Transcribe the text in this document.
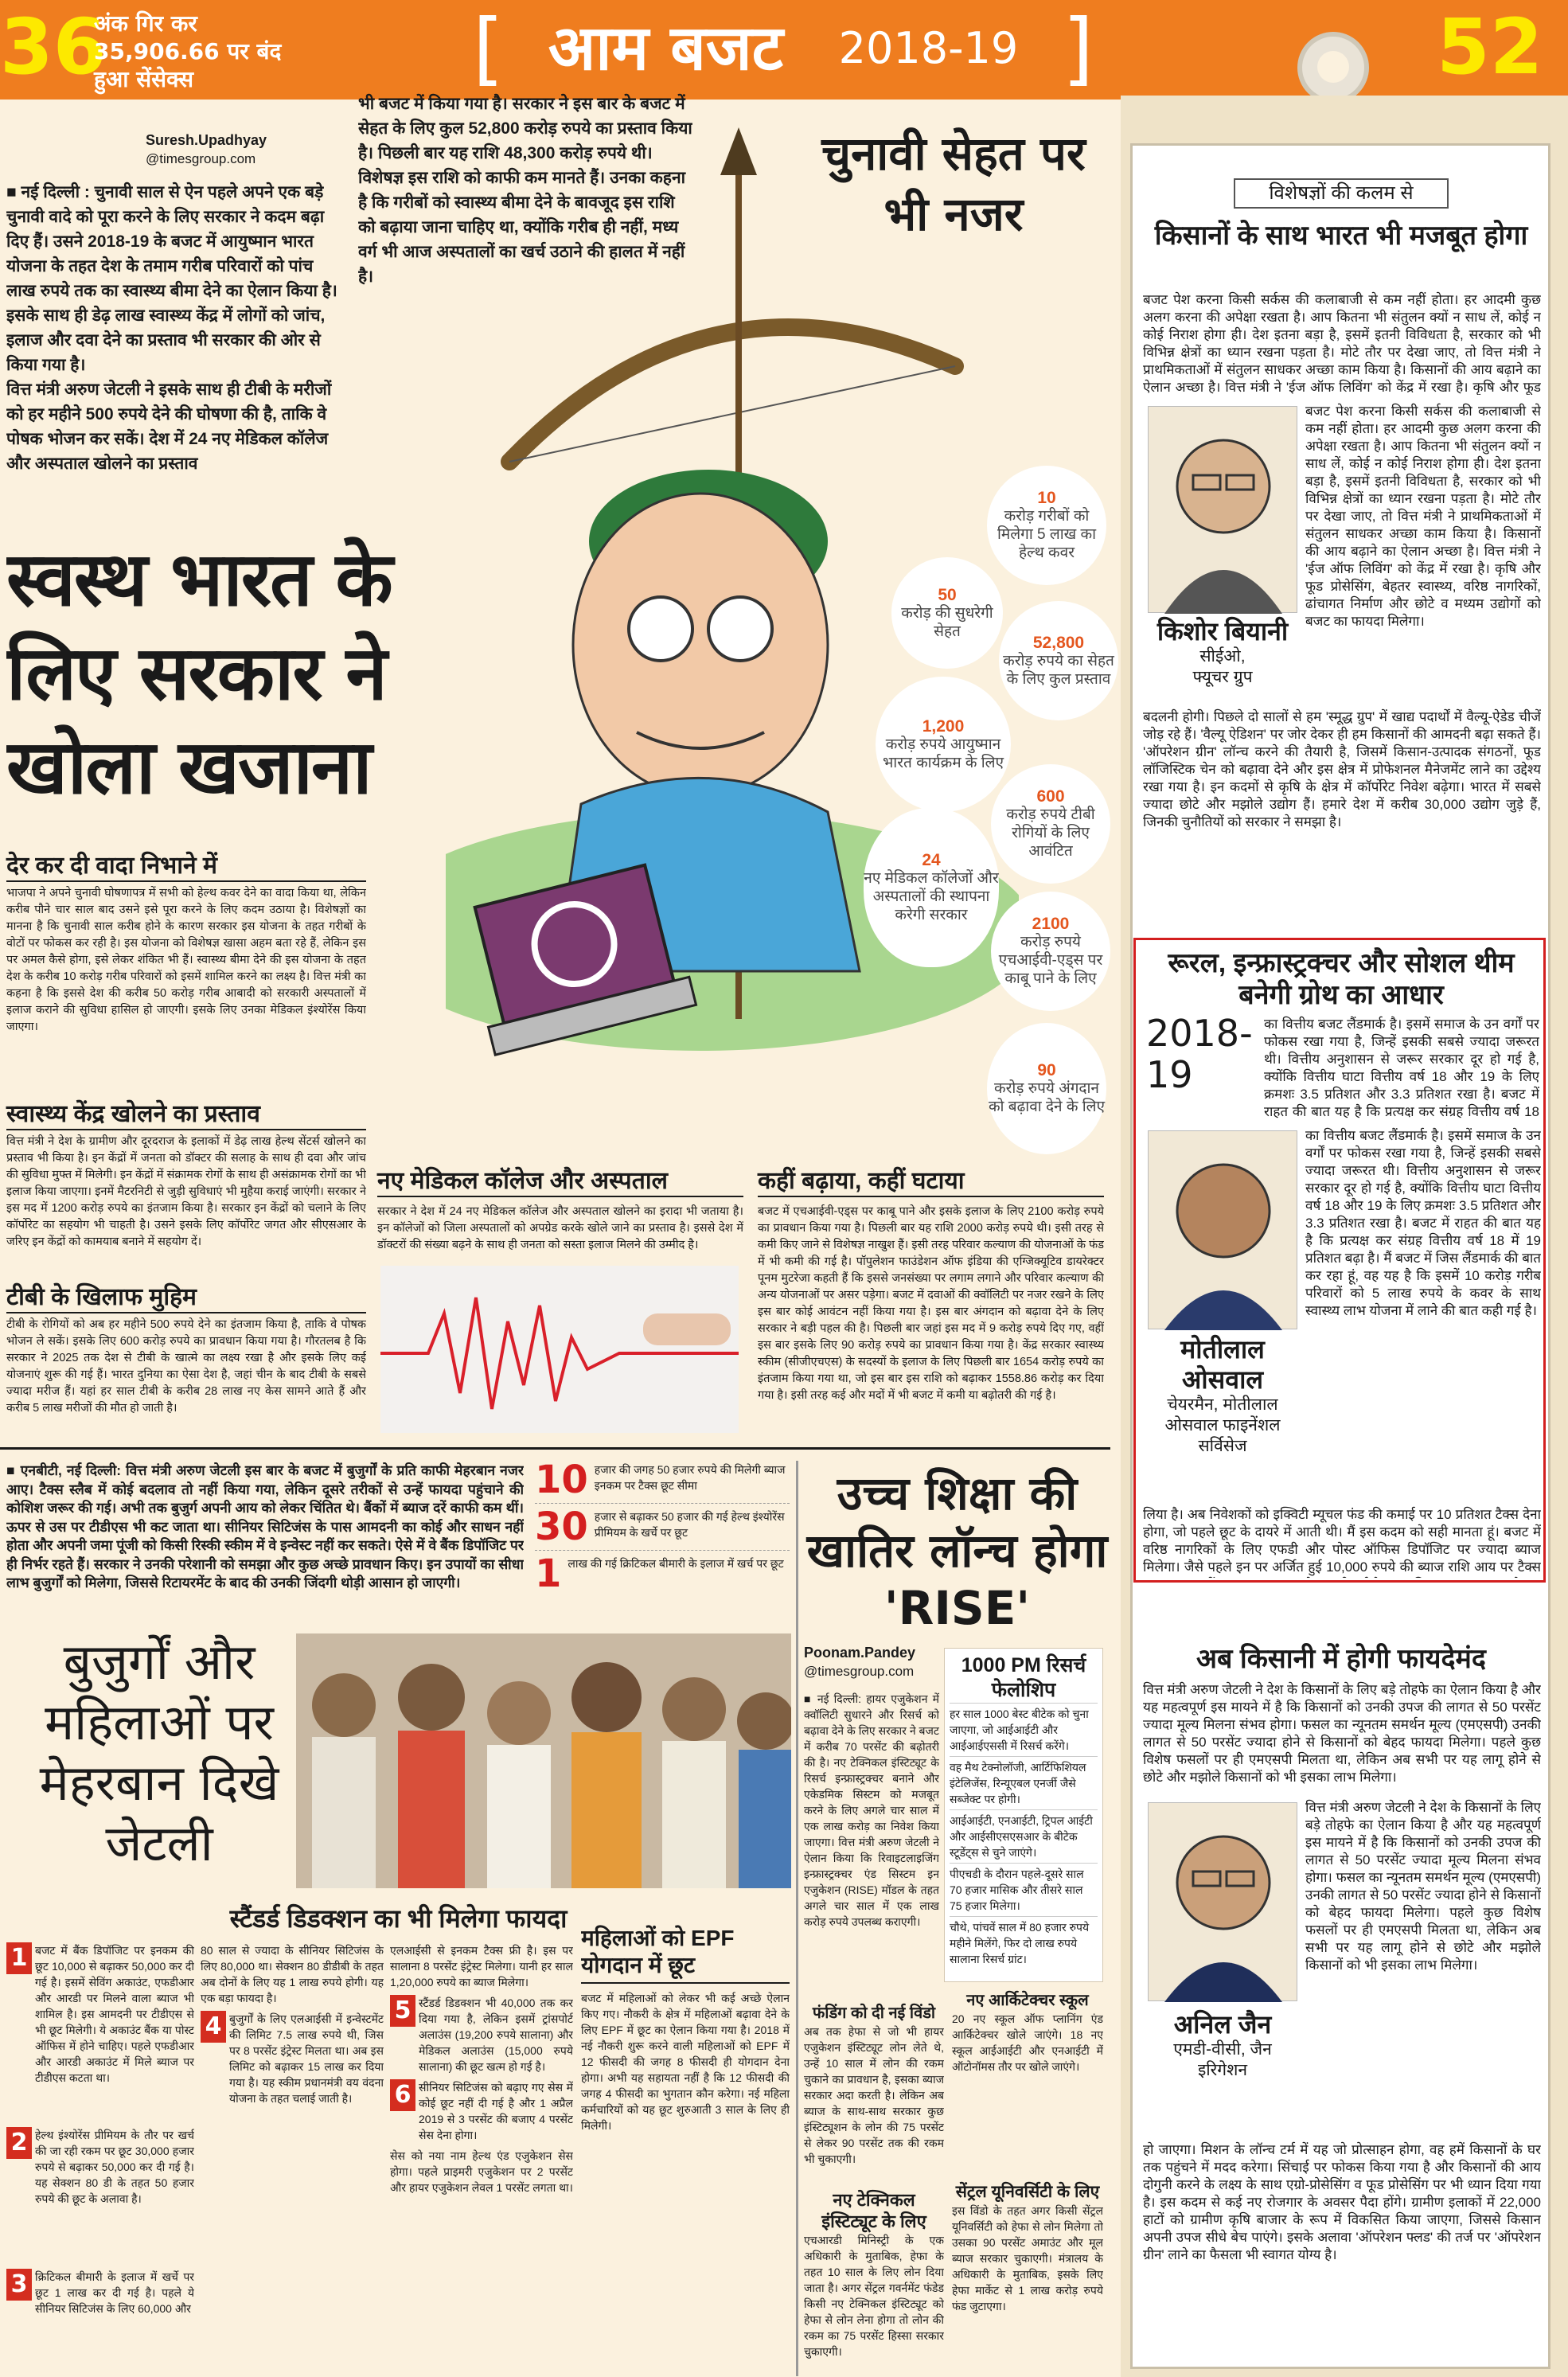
36
अंक गिर कर
35,906.66 पर बंद
हुआ सेंसेक्स	[ आम बजट 2018-19 ]	52
Suresh.Upadhyay
@timesgroup.com
■ नई दिल्ली : चुनावी साल से ऐन पहले अपने एक बड़े चुनावी वादे को पूरा करने के लिए सरकार ने कदम बढ़ा दिए हैं। उसने 2018-19 के बजट में आयुष्मान भारत योजना के तहत देश के तमाम गरीब परिवारों को पांच लाख रुपये तक का स्वास्थ्य बीमा देने का ऐलान किया है। इसके साथ ही डेढ़ लाख स्वास्थ्य केंद्र में लोगों को जांच, इलाज और दवा देने का प्रस्ताव भी सरकार की ओर से किया गया है।
वित्त मंत्री अरुण जेटली ने इसके साथ ही टीबी के मरीजों को हर महीने 500 रुपये देने की घोषणा की है, ताकि वे पोषक भोजन कर सकें। देश में 24 नए मेडिकल कॉलेज और अस्पताल खोलने का प्रस्ताव
भी बजट में किया गया है। सरकार ने इस बार के बजट में सेहत के लिए कुल 52,800 करोड़ रुपये का प्रस्ताव किया है। पिछली बार यह राशि 48,300 करोड़ रुपये थी। विशेषज्ञ इस राशि को काफी कम मानते हैं। उनका कहना है कि गरीबों को स्वास्थ्य बीमा देने के बावजूद इस राशि को बढ़ाया जाना चाहिए था, क्योंकि गरीब ही नहीं, मध्य वर्ग भी आज अस्पतालों का खर्च उठाने की हालत में नहीं है।
चुनावी सेहत पर भी नजर
स्वस्थ भारत के लिए सरकार ने खोला खजाना
10
करोड़ गरीबों को मिलेगा 5 लाख का हेल्थ कवर
50
करोड़ की सुधरेगी सेहत
52,800
करोड़ रुपये का सेहत के लिए कुल प्रस्ताव
1,200
करोड़ रुपये आयुष्मान भारत कार्यक्रम के लिए
600
करोड़ रुपये टीबी रोगियों के लिए आवंटित
24
नए मेडिकल कॉलेजों और अस्पतालों की स्थापना करेगी सरकार	2100
करोड़ रुपये एचआईवी-एड्स पर काबू पाने के लिए
90
करोड़ रुपये अंगदान को बढ़ावा देने के लिए
देर कर दी वादा निभाने में

भाजपा ने अपने चुनावी घोषणापत्र में सभी को हेल्थ कवर देने का वादा किया था, लेकिन करीब पौने चार साल बाद उसने इसे पूरा करने के लिए कदम उठाया है। विशेषज्ञों का मानना है कि चुनावी साल करीब होने के कारण सरकार इस योजना के तहत गरीबों के वोटों पर फोकस कर रही है। इस योजना को विशेषज्ञ खासा अहम बता रहे हैं, लेकिन इस पर अमल कैसे होगा, इसे लेकर शंकित भी हैं। स्वास्थ्य बीमा देने की इस योजना के तहत देश के करीब 10 करोड़ गरीब परिवारों को इसमें शामिल करने का लक्ष्य है। वित्त मंत्री का कहना है कि इससे देश की करीब 50 करोड़ गरीब आबादी को सरकारी अस्पतालों में इलाज कराने की सुविधा हासिल हो जाएगी। इसके लिए उनका मेडिकल इंश्योरेंस किया जाएगा।

स्वास्थ्य केंद्र खोलने का प्रस्ताव

वित्त मंत्री ने देश के ग्रामीण और दूरदराज के इलाकों में डेढ़ लाख हेल्थ सेंटर्स खोलने का प्रस्ताव भी किया है। इन केंद्रों में जनता को डॉक्टर की सलाह के साथ ही दवा और जांच की सुविधा मुफ्त में मिलेगी। इन केंद्रों में संक्रामक रोगों के साथ ही असंक्रामक रोगों का भी इलाज किया जाएगा। इनमें मैटरनिटी से जुड़ी सुविधाएं भी मुहैया कराई जाएंगी। सरकार ने इस मद में 1200 करोड़ रुपये का इंतजाम किया है। सरकार इन केंद्रों को चलाने के लिए कॉर्पोरेट का सहयोग भी चाहती है। उसने इसके लिए कॉर्पोरेट जगत और सीएसआर के जरिए इन केंद्रों को कामयाब बनाने में सहयोग दें।

टीबी के खिलाफ मुहिम

टीबी के रोगियों को अब हर महीने 500 रुपये देने का इंतजाम किया है, ताकि वे पोषक भोजन ले सकें। इसके लिए 600 करोड़ रुपये का प्रावधान किया गया है। गौरतलब है कि सरकार ने 2025 तक देश से टीबी के खात्मे का लक्ष्य रखा है और इसके लिए कई योजनाएं शुरू की गई हैं। भारत दुनिया का ऐसा देश है, जहां चीन के बाद टीबी के सबसे ज्यादा मरीज हैं। यहां हर साल टीबी के करीब 28 लाख नए केस सामने आते हैं और करीब 5 लाख मरीजों की मौत हो जाती है।

नए मेडिकल कॉलेज और अस्पताल

सरकार ने देश में 24 नए मेडिकल कॉलेज और अस्पताल खोलने का इरादा भी जताया है। इन कॉलेजों को जिला अस्पतालों को अपग्रेड करके खोले जाने का प्रस्ताव है। इससे देश में डॉक्टरों की संख्या बढ़ने के साथ ही जनता को सस्ता इलाज मिलने की उम्मीद है।

कहीं बढ़ाया, कहीं घटाया

बजट में एचआईवी-एड्स पर काबू पाने और इसके इलाज के लिए 2100 करोड़ रुपये का प्रावधान किया गया है। पिछली बार यह राशि 2000 करोड़ रुपये थी। इसी तरह से कमी किए जाने से विशेषज्ञ नाखुश हैं। इसी तरह परिवार कल्याण की योजनाओं के फंड में भी कमी की गई है। पॉपुलेशन फाउंडेशन ऑफ इंडिया की एग्जिक्यूटिव डायरेक्टर पूनम मुटरेजा कहती हैं कि इससे जनसंख्या पर लगाम लगाने और परिवार कल्याण की अन्य योजनाओं पर असर पड़ेगा। बजट में दवाओं की क्वॉलिटी पर नजर रखने के लिए इस बार कोई आवंटन नहीं किया गया है। इस बार अंगदान को बढ़ावा देने के लिए सरकार ने बड़ी पहल की है। पिछली बार जहां इस मद में 9 करोड़ रुपये दिए गए, वहीं इस बार इसके लिए 90 करोड़ रुपये का प्रावधान किया गया है। केंद्र सरकार स्वास्थ्य स्कीम (सीजीएचएस) के सदस्यों के इलाज के लिए पिछली बार 1654 करोड़ रुपये का इंतजाम किया गया था, जो इस बार इस राशि को बढ़ाकर 1558.86 करोड़ कर दिया गया है। इसी तरह कई और मदों में भी बजट में कमी या बढ़ोतरी की गई है।

■ एनबीटी, नई दिल्ली: वित्त मंत्री अरुण जेटली इस बार के बजट में बुजुर्गों के प्रति काफी मेहरबान नजर आए। टैक्स स्लैब में कोई बदलाव तो नहीं किया गया, लेकिन दूसरे तरीकों से उन्हें फायदा पहुंचाने की कोशिश जरूर की गई। अभी तक बुजुर्ग अपनी आय को लेकर चिंतित थे। बैंकों में ब्याज दरें काफी कम थीं। ऊपर से उस पर टीडीएस भी कट जाता था। सीनियर सिटिजंस के पास आमदनी का कोई और साधन नहीं होता और अपनी जमा पूंजी को किसी रिस्की स्कीम में वे इन्वेस्ट नहीं कर सकते। ऐसे में वे बैंक डिपॉजिट पर ही निर्भर रहते हैं। सरकार ने उनकी परेशानी को समझा और कुछ अच्छे प्रावधान किए। इन उपायों का सीधा लाभ बुजुर्गों को मिलेगा, जिससे रिटायरमेंट के बाद की उनकी जिंदगी थोड़ी आसान हो जाएगी।

10 हजार की जगह 50 हजार रुपये की मिलेगी ब्याज इनकम पर टैक्स छूट सीमा
30 हजार से बढ़ाकर 50 हजार की गई हेल्थ इंश्योरेंस प्रीमियम के खर्चे पर छूट
1 लाख की गई क्रिटिकल बीमारी के इलाज में खर्च पर छूट
बुजुर्गों और महिलाओं पर मेहरबान दिखे जेटली
स्टैंडर्ड डिडक्शन का भी मिलेगा फायदा
1 बजट में बैंक डिपॉजिट पर इनकम की छूट 10,000 से बढ़ाकर 50,000 कर दी गई है। इसमें सेविंग अकाउंट, एफडीआर और आरडी पर मिलने वाला ब्याज भी शामिल है। इस आमदनी पर टीडीएस से भी छूट मिलेगी। ये अकाउंट बैंक या पोस्ट ऑफिस में होने चाहिए। पहले एफडीआर और आरडी अकाउंट में मिले ब्याज पर टीडीएस कटता था।

2 हेल्थ इंश्योरेंस प्रीमियम के तौर पर खर्च की जा रही रकम पर छूट 30,000 हजार रुपये से बढ़ाकर 50,000 कर दी गई है। यह सेक्शन 80 डी के तहत 50 हजार रुपये की छूट के अलावा है।

3 क्रिटिकल बीमारी के इलाज में खर्चे पर छूट 1 लाख कर दी गई है। पहले ये सीनियर सिटिजंस के लिए 60,000 और

80 साल से ज्यादा के सीनियर सिटिजंस के लिए 80,000 था। सेक्शन 80 डीडीबी के तहत अब दोनों के लिए यह 1 लाख रुपये होगी। यह एक बड़ा फायदा है।

4 बुजुर्गों के लिए एलआईसी में इन्वेस्टमेंट की लिमिट 7.5 लाख रुपये थी, जिस पर 8 परसेंट इंट्रेस्ट मिलता था। अब इस लिमिट को बढ़ाकर 15 लाख कर दिया गया है। यह स्कीम प्रधानमंत्री वय वंदना योजना के तहत चलाई जाती है।

एलआईसी से इनकम टैक्स फ्री है। इस पर सालाना 8 परसेंट इंट्रेस्ट मिलेगा। यानी हर साल 1,20,000 रुपये का ब्याज मिलेगा।

5 स्टैंडर्ड डिडक्शन भी 40,000 तक कर दिया गया है, लेकिन इसमें ट्रांसपोर्ट अलाउंस (19,200 रुपये सालाना) और मेडिकल अलाउंस (15,000 रुपये सालाना) की छूट खत्म हो गई है।

6 सीनियर सिटिजंस को बढ़ाए गए सेस में कोई छूट नहीं दी गई है और 1 अप्रैल 2019 से 3 परसेंट की बजाए 4 परसेंट सेस देना होगा।

सेस को नया नाम हेल्थ एंड एजुकेशन सेस होगा। पहले प्राइमरी एजुकेशन पर 2 परसेंट और हायर एजुकेशन लेवल 1 परसेंट लगता था।

महिलाओं को EPF योगदान में छूट

बजट में महिलाओं को लेकर भी कई अच्छे ऐलान किए गए। नौकरी के क्षेत्र में महिलाओं बढ़ावा देने के लिए EPF में छूट का ऐलान किया गया है। 2018 में नई नौकरी शुरू करने वाली महिलाओं को EPF में 12 फीसदी की जगह 8 फीसदी ही योगदान देना होगा। अभी यह सहायता नहीं है कि 12 फीसदी की जगह 4 फीसदी का भुगतान कौन करेगा। नई महिला कर्मचारियों को यह छूट शुरुआती 3 साल के लिए ही मिलेगी।

उच्च शिक्षा की खातिर लॉन्च होगा 'RISE'
Poonam.Pandey
@timesgroup.com

■ नई दिल्ली: हायर एजुकेशन में क्वॉलिटी सुधारने और रिसर्च को बढ़ावा देने के लिए सरकार ने बजट में करीब 70 परसेंट की बढ़ोतरी की है। नए टेक्निकल इंस्टिट्यूट के रिसर्च इन्फ्रास्ट्रक्चर बनाने और एकेडमिक सिस्टम को मजबूत करने के लिए अगले चार साल में एक लाख करोड़ का निवेश किया जाएगा। वित्त मंत्री अरुण जेटली ने ऐलान किया कि रिवाइटलाइजिंग इन्फ्रास्ट्रक्चर एंड सिस्टम इन एजुकेशन (RISE) मॉडल के तहत अगले चार साल में एक लाख करोड़ रुपये उपलब्ध कराएगी।

1000 PM रिसर्च फेलोशिप
हर साल 1000 बेस्ट बीटेक को चुना जाएगा, जो आईआईटी और आईआईएससी में रिसर्च करेंगे।
वह मैथ टेक्नोलॉजी, आर्टिफिशियल इंटेलिजेंस, रिन्यूएबल एनर्जी जैसे सब्जेक्ट पर होगी।
आईआईटी, एनआईटी, ट्रिपल आईटी और आईसीएसएसआर के बीटेक स्टूडेंट्स से चुने जाएंगे।
पीएचडी के दौरान पहले-दूसरे साल 70 हजार मासिक और तीसरे साल 75 हजार मिलेगा।
चौथे, पांचवें साल में 80 हजार रुपये महीने मिलेंगे, फिर दो लाख रुपये सालाना रिसर्च ग्रांट।
फंडिंग को दी नई विंडो

अब तक हेफा से जो भी हायर एजुकेशन इंस्टिट्यूट लोन लेते थे, उन्हें 10 साल में लोन की रकम चुकाने का प्रावधान है, इसका ब्याज सरकार अदा करती है। लेकिन अब ब्याज के साथ-साथ सरकार कुछ इंस्टिट्यूशन के लोन की 75 परसेंट से लेकर 90 परसेंट तक की रकम भी चुकाएगी।

नए टेक्निकल इंस्टिट्यूट के लिए

एचआरडी मिनिस्ट्री के एक अधिकारी के मुताबिक, हेफा के तहत 10 साल के लिए लोन दिया जाता है। अगर सेंट्रल गवर्नमेंट फंडेड किसी नए टेक्निकल इंस्टिट्यूट को हेफा से लोन लेना होगा तो लोन की रकम का 75 परसेंट हिस्सा सरकार चुकाएगी।

नए आर्किटेक्चर स्कूल

20 नए स्कूल ऑफ प्लानिंग एंड आर्किटेक्चर खोले जाएंगे। 18 नए स्कूल आईआईटी और एनआईटी में ऑटोनॉमस तौर पर खोले जाएंगे।

सेंट्रल यूनिवर्सिटी के लिए

इस विंडो के तहत अगर किसी सेंट्रल यूनिवर्सिटी को हेफा से लोन मिलेगा तो उसका 90 परसेंट अमाउंट और मूल ब्याज सरकार चुकाएगी। मंत्रालय के अधिकारी के मुताबिक, इसके लिए हेफा मार्केट से 1 लाख करोड़ रुपये फंड जुटाएगा।

विशेषज्ञों की कलम से
किसानों के साथ भारत भी मजबूत होगा

बजट पेश करना किसी सर्कस की कलाबाजी से कम नहीं होता। हर आदमी कुछ अलग करना की अपेक्षा रखता है। आप कितना भी संतुलन क्यों न साध लें, कोई न कोई निराश होगा ही। देश इतना बड़ा है, इसमें इतनी विविधता है, सरकार को भी विभिन्न क्षेत्रों का ध्यान रखना पड़ता है। मोटे तौर पर देखा जाए, तो वित्त मंत्री ने प्राथमिकताओं में संतुलन साधकर अच्छा काम किया है। किसानों की आय बढ़ाने का ऐलान अच्छा है। वित्त मंत्री ने 'ईज ऑफ लिविंग' को केंद्र में रखा है। कृषि और फूड

बजट पेश करना किसी सर्कस की कलाबाजी से कम नहीं होता। हर आदमी कुछ अलग करना की अपेक्षा रखता है। आप कितना भी संतुलन क्यों न साध लें, कोई न कोई निराश होगा ही। देश इतना बड़ा है, इसमें इतनी विविधता है, सरकार को भी विभिन्न क्षेत्रों का ध्यान रखना पड़ता है। मोटे तौर पर देखा जाए, तो वित्त मंत्री ने प्राथमिकताओं में संतुलन साधकर अच्छा काम किया है। किसानों की आय बढ़ाने का ऐलान अच्छा है। वित्त मंत्री ने 'ईज ऑफ लिविंग' को केंद्र में रखा है। कृषि और फूड प्रोसेसिंग, बेहतर स्वास्थ्य, वरिष्ठ नागरिकों, ढांचागत निर्माण और छोटे व मध्यम उद्योगों को बजट का फायदा मिलेगा।

किशोर बियानी
सीईओ,
फ्यूचर ग्रुप

बदलनी होगी। पिछले दो सालों से हम 'स्मूद्ध ग्रुप' में खाद्य पदार्थों में वैल्यू-ऐडेड चीजें जोड़ रहे हैं। 'वैल्यू ऐडिशन' पर जोर देकर ही हम किसानों की आमदनी बढ़ा सकते हैं। 'ऑपरेशन ग्रीन' लॉन्च करने की तैयारी है, जिसमें किसान-उत्पादक संगठनों, फूड लॉजिस्टिक चेन को बढ़ावा देने और इस क्षेत्र में प्रोफेशनल मैनेजमेंट लाने का उद्देश्य रखा गया है। इन कदमों से कृषि के क्षेत्र में कॉर्पोरेट निवेश बढ़ेगा। भारत में सबसे ज्यादा छोटे और मझोले उद्योग हैं। हमारे देश में करीब 30,000 उद्योग जुड़े हैं, जिनकी चुनौतियों को सरकार ने समझा है।

रूरल, इन्फ्रास्ट्रक्चर और सोशल थीम बनेगी ग्रोथ का आधार
2018-19

का वित्तीय बजट लैंडमार्क है। इसमें समाज के उन वर्गों पर फोकस रखा गया है, जिन्हें इसकी सबसे ज्यादा जरूरत थी। वित्तीय अनुशासन से जरूर सरकार दूर हो गई है, क्योंकि वित्तीय घाटा वित्तीय वर्ष 18 और 19 के लिए क्रमशः 3.5 प्रतिशत और 3.3 प्रतिशत रखा है। बजट में राहत की बात यह है कि प्रत्यक्ष कर संग्रह वित्तीय वर्ष 18

का वित्तीय बजट लैंडमार्क है। इसमें समाज के उन वर्गों पर फोकस रखा गया है, जिन्हें इसकी सबसे ज्यादा जरूरत थी। वित्तीय अनुशासन से जरूर सरकार दूर हो गई है, क्योंकि वित्तीय घाटा वित्तीय वर्ष 18 और 19 के लिए क्रमशः 3.5 प्रतिशत और 3.3 प्रतिशत रखा है। बजट में राहत की बात यह है कि प्रत्यक्ष कर संग्रह वित्तीय वर्ष 18 में 19 प्रतिशत बढ़ा है। मैं बजट में जिस लैंडमार्क की बात कर रहा हूं, वह यह है कि इसमें 10 करोड़ गरीब परिवारों को 5 लाख रुपये के कवर के साथ स्वास्थ्य लाभ योजना में लाने की बात कही गई है।

मोतीलाल ओसवाल
चेयरमैन, मोतीलाल
ओसवाल फाइनेंशल सर्विसेज

लिया है। अब निवेशकों को इक्विटी म्यूचल फंड की कमाई पर 10 प्रतिशत टैक्स देना होगा, जो पहले छूट के दायरे में आती थी। मैं इस कदम को सही मानता हूं। बजट में वरिष्ठ नागरिकों के लिए एफडी और पोस्ट ऑफिस डिपॉजिट पर ज्यादा ब्याज मिलेगा। जैसे पहले इन पर अर्जित हुई 10,000 रुपये की ब्याज राशि आय पर टैक्स

अब किसानी में होगी फायदेमंद

वित्त मंत्री अरुण जेटली ने देश के किसानों के लिए बड़े तोहफे का ऐलान किया है और यह महत्वपूर्ण इस मायने में है कि किसानों को उनकी उपज की लागत से 50 परसेंट ज्यादा मूल्य मिलना संभव होगा। फसल का न्यूनतम समर्थन मूल्य (एमएसपी) उनकी लागत से 50 परसेंट ज्यादा होने से किसानों को बेहद फायदा मिलेगा। पहले कुछ विशेष फसलों पर ही एमएसपी मिलता था, लेकिन अब सभी पर यह लागू होने से छोटे और मझोले किसानों को भी इसका लाभ मिलेगा।

वित्त मंत्री अरुण जेटली ने देश के किसानों के लिए बड़े तोहफे का ऐलान किया है और यह महत्वपूर्ण इस मायने में है कि किसानों को उनकी उपज की लागत से 50 परसेंट ज्यादा मूल्य मिलना संभव होगा। फसल का न्यूनतम समर्थन मूल्य (एमएसपी) उनकी लागत से 50 परसेंट ज्यादा होने से किसानों को बेहद फायदा मिलेगा। पहले कुछ विशेष फसलों पर ही एमएसपी मिलता था, लेकिन अब सभी पर यह लागू होने से छोटे और मझोले किसानों को भी इसका लाभ मिलेगा।

अनिल जैन
एमडी-वीसी, जैन
इरिगेशन

हो जाएगा। मिशन के लॉन्च टर्म में यह जो प्रोत्साहन होगा, वह हमें किसानों के घर तक पहुंचने में मदद करेगा। सिंचाई पर फोकस किया गया है और किसानों की आय दोगुनी करने के लक्ष्य के साथ एग्रो-प्रोसेसिंग व फूड प्रोसेसिंग पर भी ध्यान दिया गया है। इस कदम से कई नए रोजगार के अवसर पैदा होंगे। ग्रामीण इलाकों में 22,000 हाटों को ग्रामीण कृषि बाजार के रूप में विकसित किया जाएगा, जिससे किसान अपनी उपज सीधे बेच पाएंगे। इसके अलावा 'ऑपरेशन फ्लड' की तर्ज पर 'ऑपरेशन ग्रीन' लाने का फैसला भी स्वागत योग्य है।
